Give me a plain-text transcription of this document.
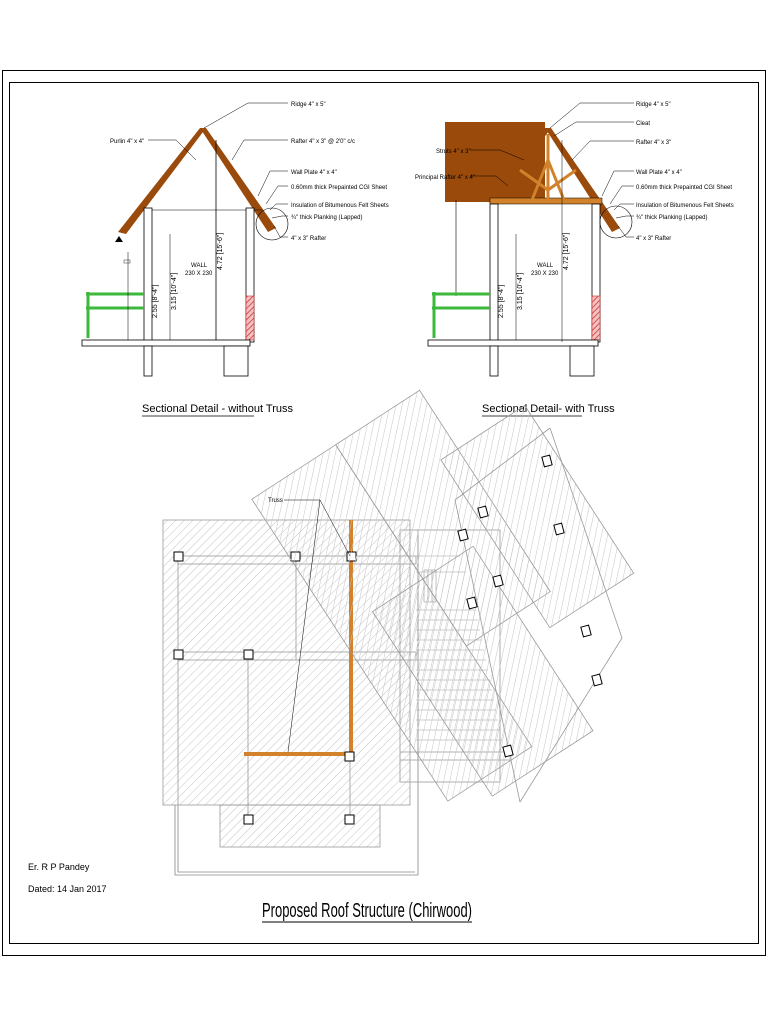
Ridge 4" x 5"
Purlin 4" x 4"	Rafter 4" x 3" @ 2'0" c/c
Wall Plate 4" x 4"
0.60mm thick Prepainted CGI Sheet
Insulation of Bitumenous Felt Sheets
¾" thick Planking (Lapped)
4" x 3" Rafter
3.15 [10'-4"]
2.55 [8'-4"]
4.72 [15'-6"]
WALL
230 X 230
Sectional Detail - without Truss
Ridge 4" x 5"
Cleat
Struts 4" x 3"
Rafter 4" x 3"
Principal Rafter 4" x 4"
Wall Plate 4" x 4"
0.60mm thick Prepainted CGI Sheet
Insulation of Bitumenous Felt Sheets
¾" thick Planking (Lapped)
4" x 3" Rafter
3.15 [10'-4"]
2.55 [8'-4"]
4.72 [15'-6"]
WALL
230 X 230
Sectional Detail- with Truss
Truss
Proposed Roof Structure (Chirwood)
Er. R P Pandey
Dated: 14 Jan 2017
